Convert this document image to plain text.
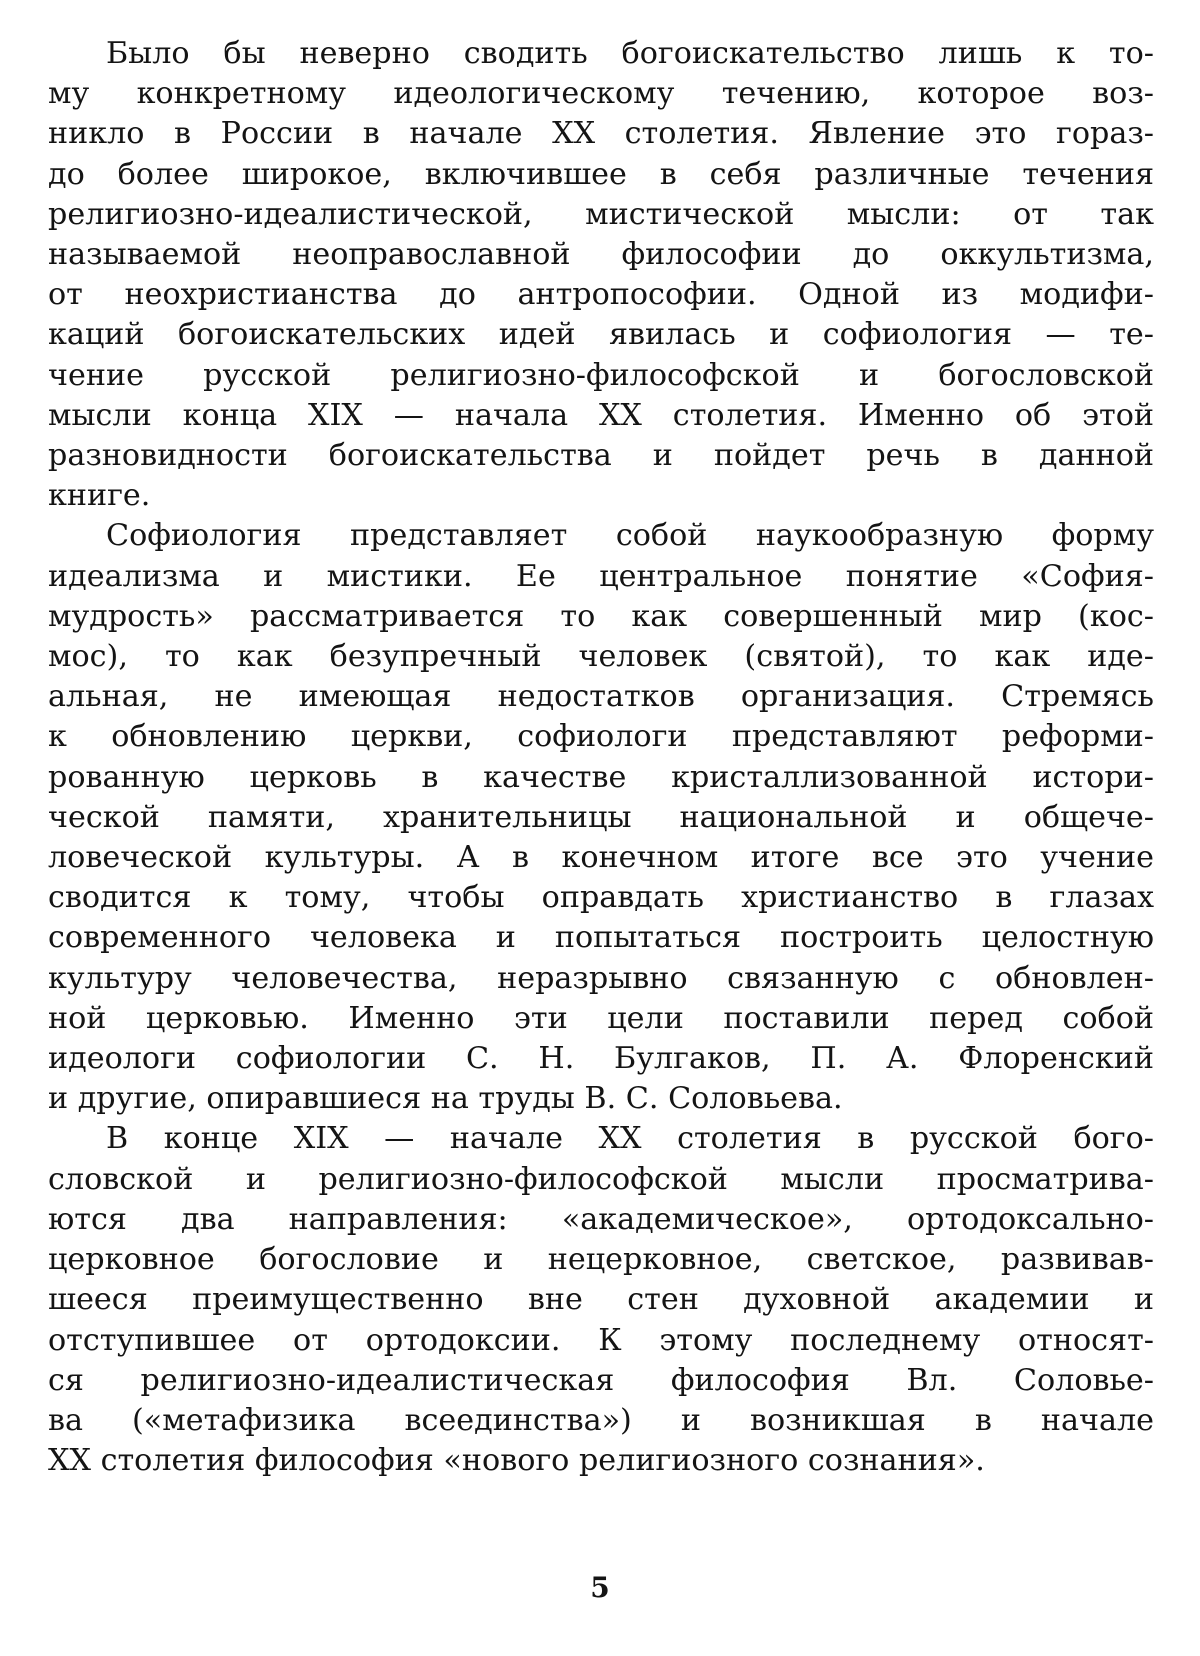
Было бы неверно сводить богоискательство лишь к то-
му конкретному идеологическому течению, которое воз-
никло в России в начале XX столетия. Явление это гораз-
до более широкое, включившее в себя различные течения
религиозно-идеалистической, мистической мысли: от так
называемой неоправославной философии до оккультизма,
от неохристианства до антропософии. Одной из модифи-
каций богоискательских идей явилась и софиология — те-
чение русской религиозно-философской и богословской
мысли конца XIX — начала XX столетия. Именно об этой
разновидности богоискательства и пойдет речь в данной
книге.

Софиология представляет собой наукообразную форму
идеализма и мистики. Ее центральное понятие «София-
мудрость» рассматривается то как совершенный мир (кос-
мос), то как безупречный человек (святой), то как иде-
альная, не имеющая недостатков организация. Стремясь
к обновлению церкви, софиологи представляют реформи-
рованную церковь в качестве кристаллизованной истори-
ческой памяти, хранительницы национальной и общече-
ловеческой культуры. А в конечном итоге все это учение
сводится к тому, чтобы оправдать христианство в глазах
современного человека и попытаться построить целостную
культуру человечества, неразрывно связанную с обновлен-
ной церковью. Именно эти цели поставили перед собой
идеологи софиологии С. Н. Булгаков, П. А. Флоренский
и другие, опиравшиеся на труды В. С. Соловьева.

В конце XIX — начале XX столетия в русской бого-
словской и религиозно-философской мысли просматрива-
ются два направления: «академическое», ортодоксально-
церковное богословие и нецерковное, светское, развивав-
шееся преимущественно вне стен духовной академии и
отступившее от ортодоксии. К этому последнему относят-
ся религиозно-идеалистическая философия Вл. Соловье-
ва («метафизика всеединства») и возникшая в начале
XX столетия философия «нового религиозного сознания».

5
